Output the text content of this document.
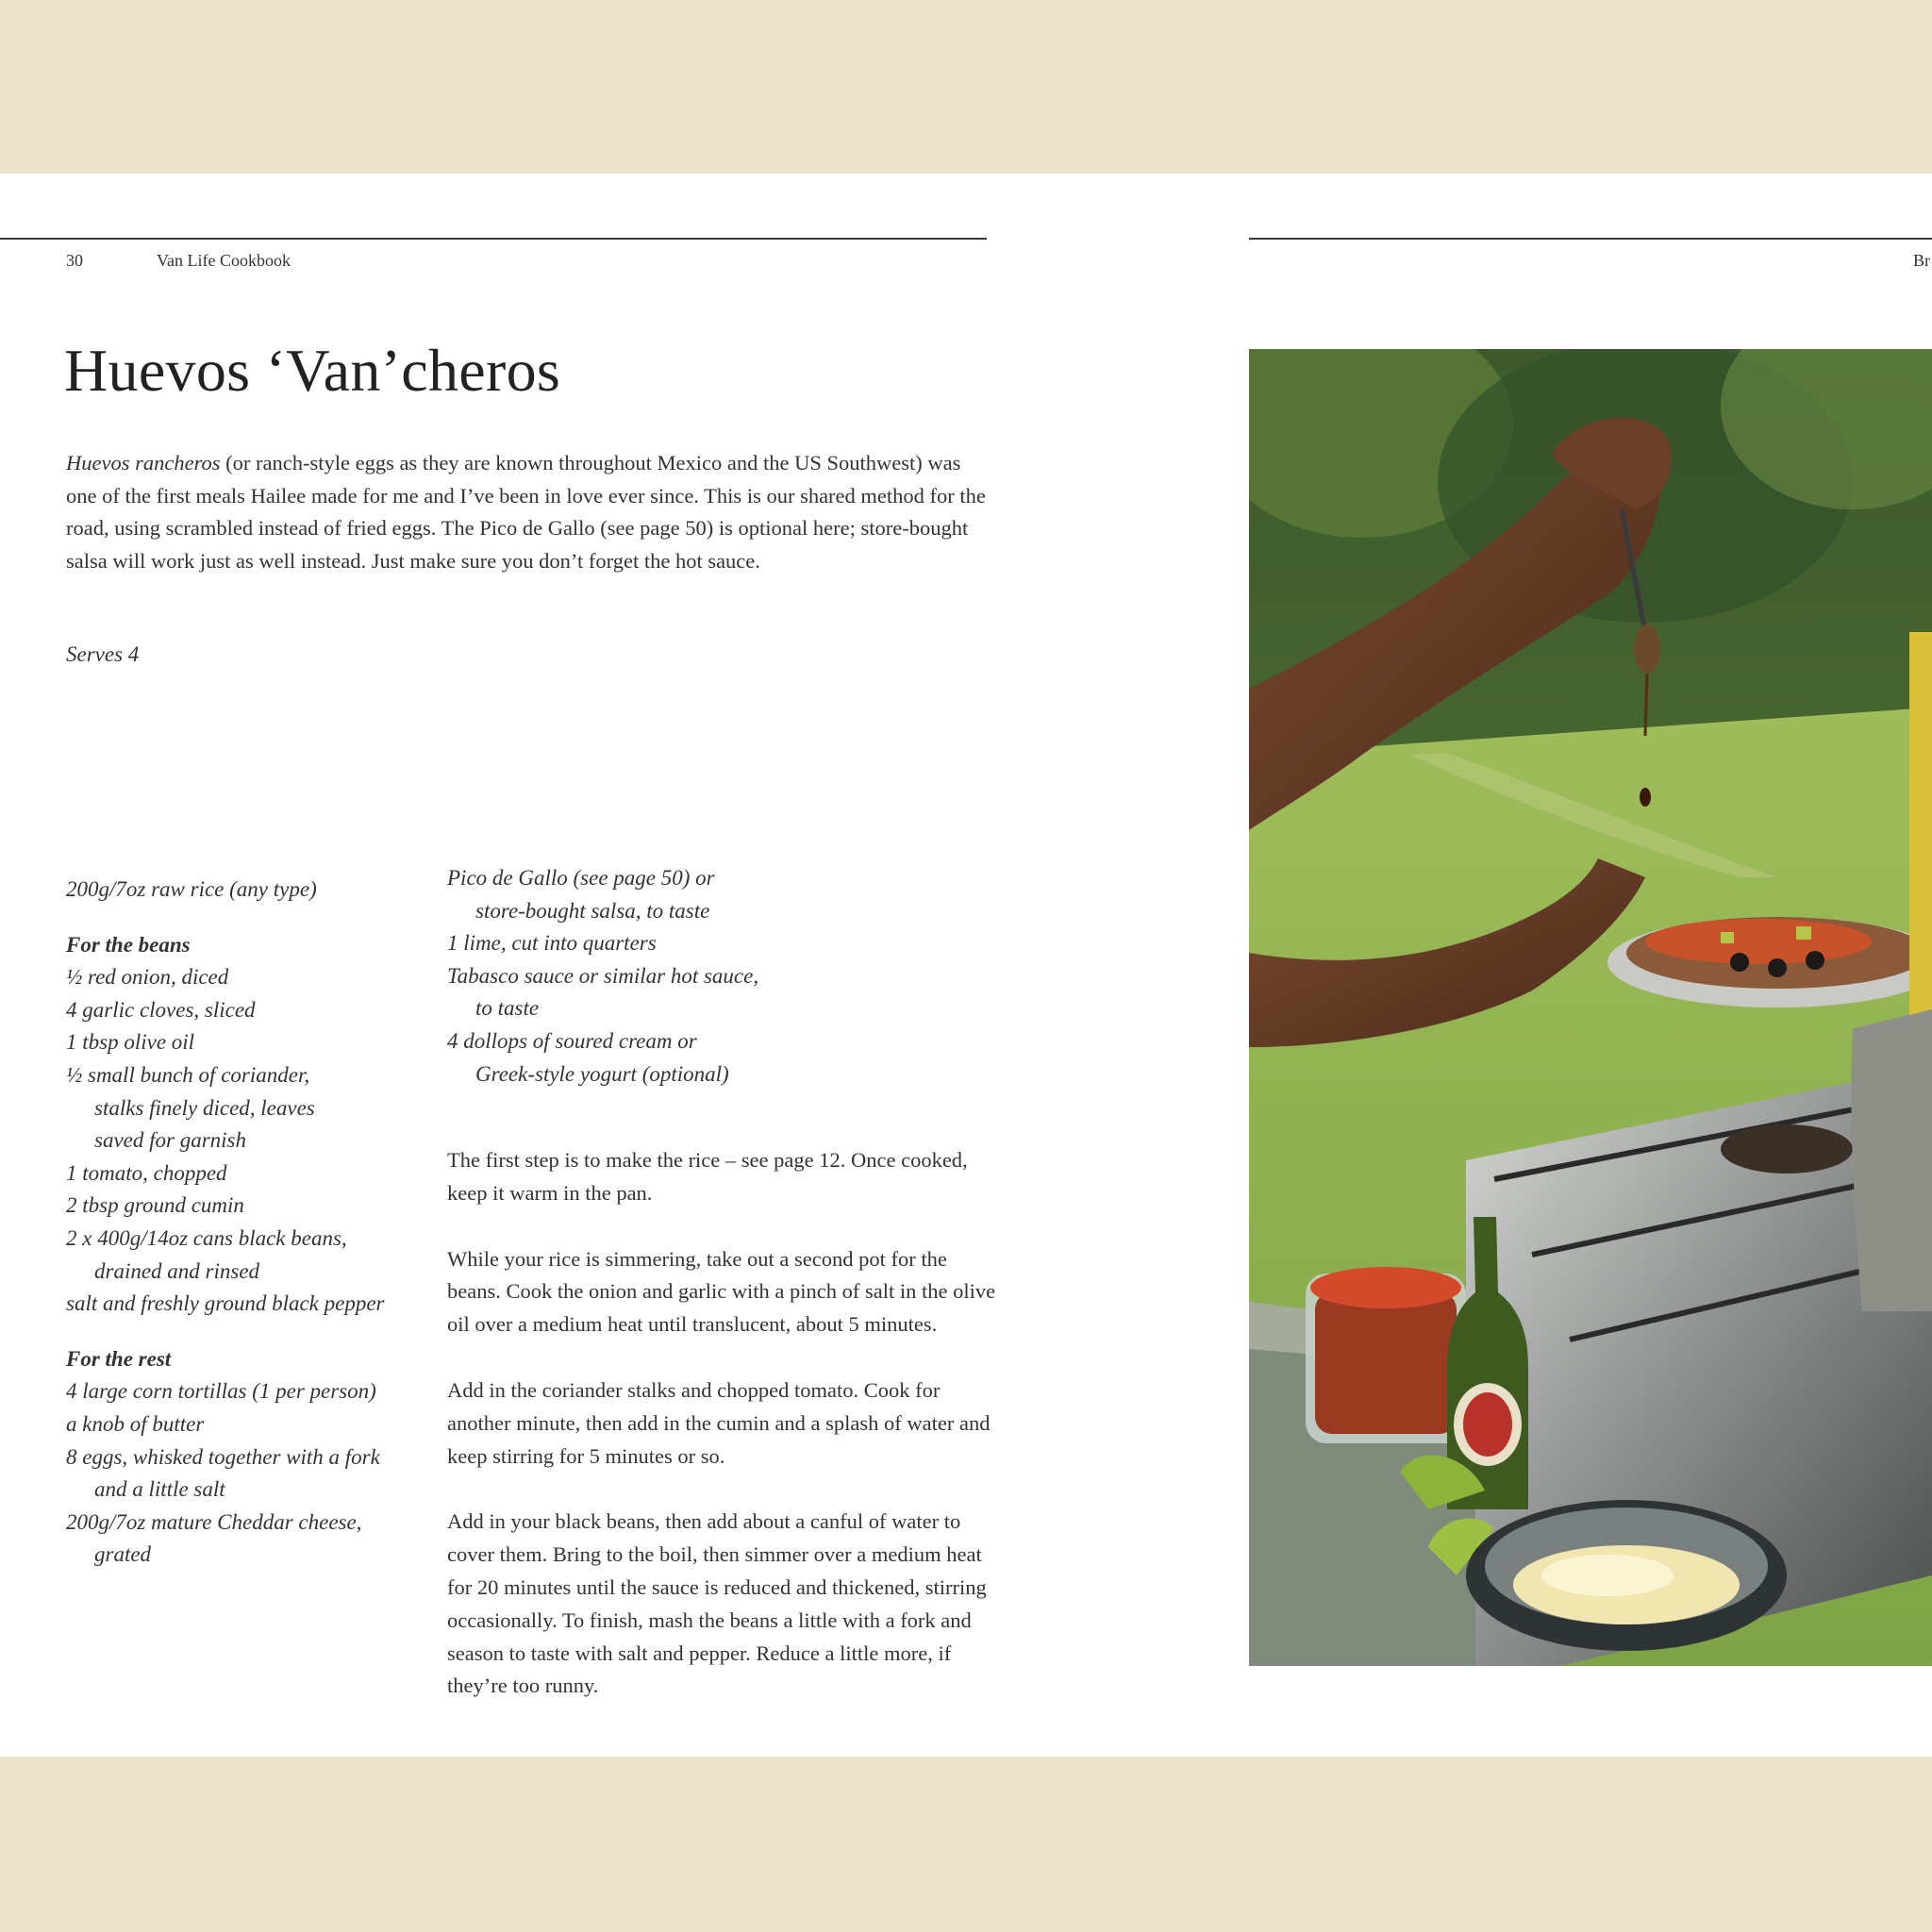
30	Van Life Cookbook	Br
Huevos ‘Van’cheros

Huevos rancheros (or ranch-style eggs as they are known throughout Mexico and the US Southwest) was one of the first meals Hailee made for me and I’ve been in love ever since. This is our shared method for the road, using scrambled instead of fried eggs. The Pico de Gallo (see page 50) is optional here; store-bought salsa will work just as well instead. Just make sure you don’t forget the hot sauce.

Serves 4

200g/7oz raw rice (any type)
For the beans
½ red onion, diced
4 garlic cloves, sliced
1 tbsp olive oil
½ small bunch of coriander,
stalks finely diced, leaves
saved for garnish
1 tomato, chopped
2 tbsp ground cumin
2 x 400g/14oz cans black beans,
drained and rinsed
salt and freshly ground black pepper
For the rest
4 large corn tortillas (1 per person)
a knob of butter
8 eggs, whisked together with a fork
and a little salt
200g/7oz mature Cheddar cheese,
grated
Pico de Gallo (see page 50) or
store-bought salsa, to taste
1 lime, cut into quarters
Tabasco sauce or similar hot sauce,
to taste
4 dollops of soured cream or
Greek-style yogurt (optional)

The first step is to make the rice – see page 12. Once cooked, keep it warm in the pan.

While your rice is simmering, take out a second pot for the beans. Cook the onion and garlic with a pinch of salt in the olive oil over a medium heat until translucent, about 5 minutes.

Add in the coriander stalks and chopped tomato. Cook for another minute, then add in the cumin and a splash of water and keep stirring for 5 minutes or so.

Add in your black beans, then add about a canful of water to cover them. Bring to the boil, then simmer over a medium heat for 20 minutes until the sauce is reduced and thickened, stirring occasionally. To finish, mash the beans a little with a fork and season to taste with salt and pepper. Reduce a little more, if they’re too runny.
